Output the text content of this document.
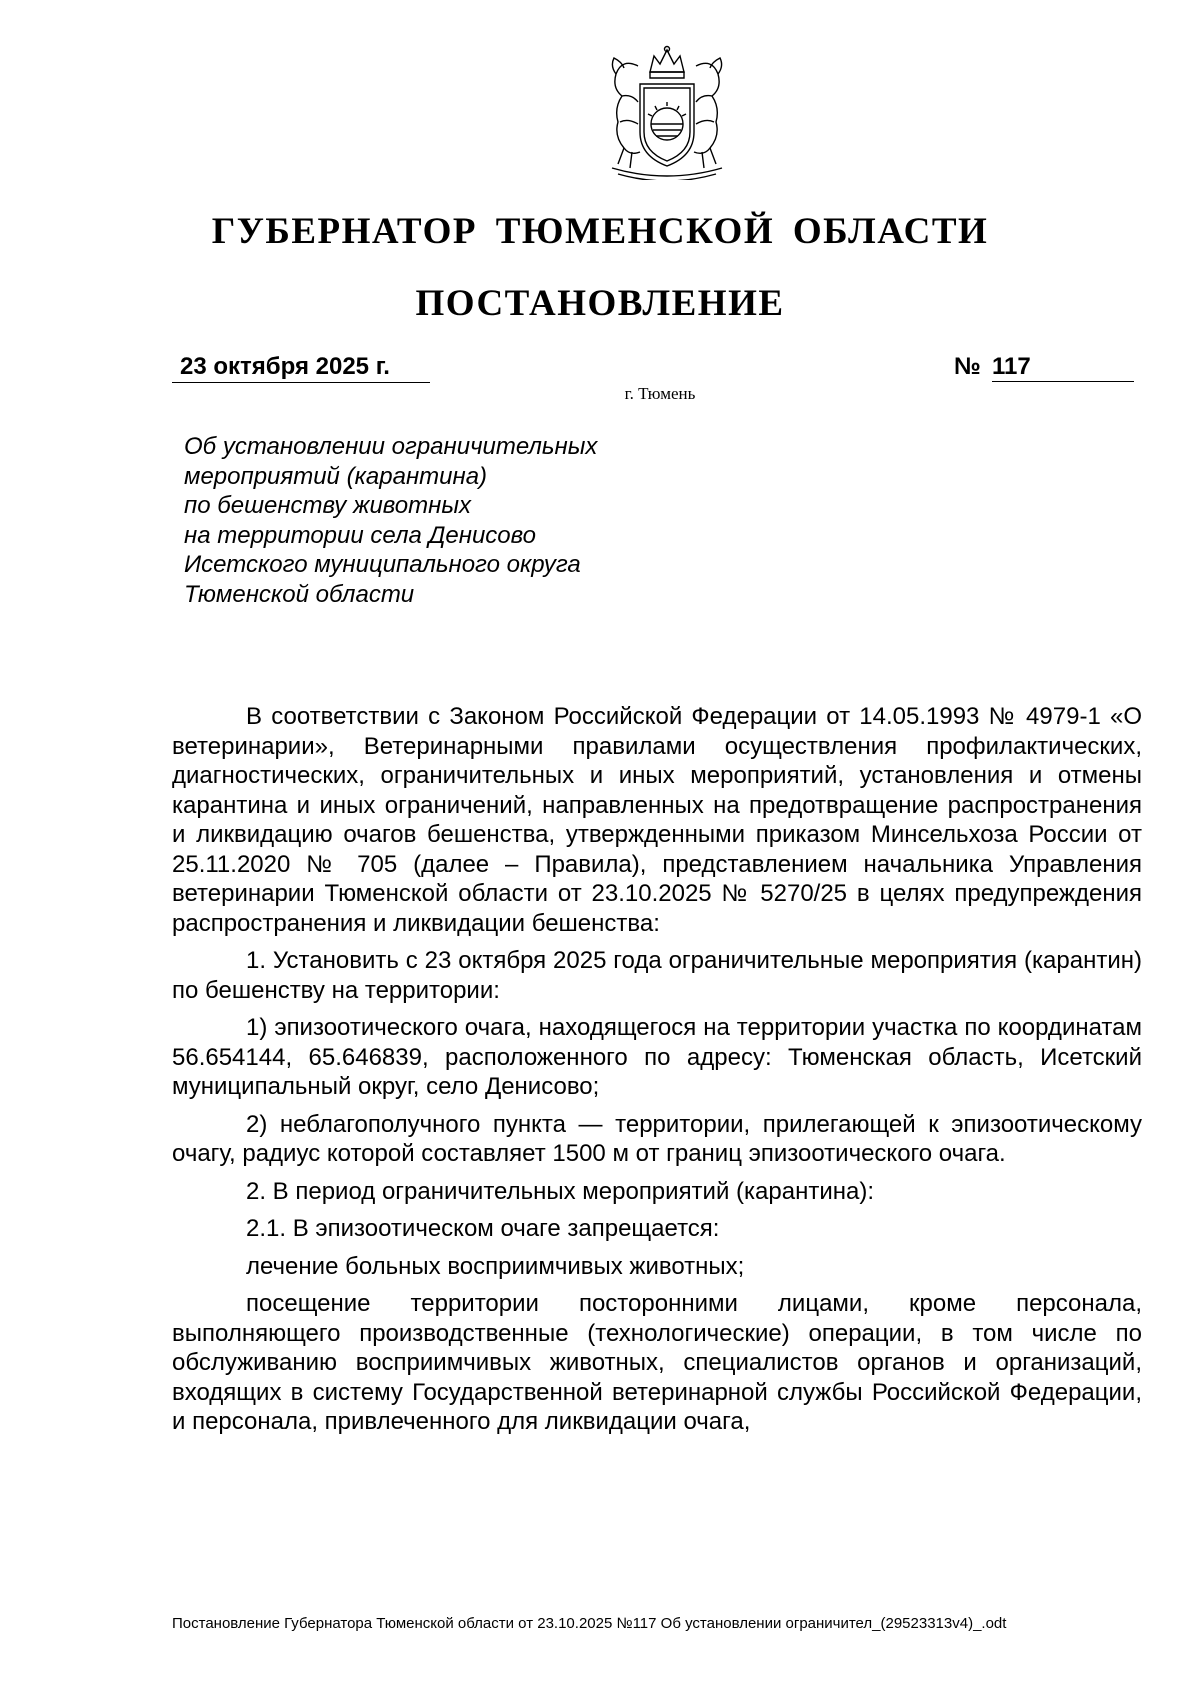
ГУБЕРНАТОР ТЮМЕНСКОЙ ОБЛАСТИ
ПОСТАНОВЛЕНИЕ
23 октября 2025 г.	№ 117
г. Тюмень
Об установлении ограничительных
мероприятий (карантина)
по бешенству животных
на территории села Денисово
Исетского муниципального округа
Тюменской области

В соответствии с Законом Российской Федерации от 14.05.1993 № 4979-1 «О ветеринарии», Ветеринарными правилами осуществления профилактических, диагностических, ограничительных и иных мероприятий, установления и отмены карантина и иных ограничений, направленных на предотвращение распространения и ликвидацию очагов бешенства, утвержденными приказом Минсельхоза России от 25.11.2020 № 705 (далее – Правила), представлением начальника Управления ветеринарии Тюменской области от 23.10.2025 № 5270/25 в целях предупреждения распространения и ликвидации бешенства:

1. Установить с 23 октября 2025 года ограничительные мероприятия (карантин) по бешенству на территории:

1) эпизоотического очага, находящегося на территории участка по координатам 56.654144, 65.646839, расположенного по адресу: Тюменская область, Исетский муниципальный округ, село Денисово;

2) неблагополучного пункта — территории, прилегающей к эпизоотическому очагу, радиус которой составляет 1500 м от границ эпизоотического очага.

2. В период ограничительных мероприятий (карантина):

2.1. В эпизоотическом очаге запрещается:

лечение больных восприимчивых животных;

посещение территории посторонними лицами, кроме персонала, выполняющего производственные (технологические) операции, в том числе по обслуживанию восприимчивых животных, специалистов органов и организаций, входящих в систему Государственной ветеринарной службы Российской Федерации, и персонала, привлеченного для ликвидации очага,

Постановление Губернатора Тюменской области от 23.10.2025 №117 Об установлении ограничител_(29523313v4)_.odt
